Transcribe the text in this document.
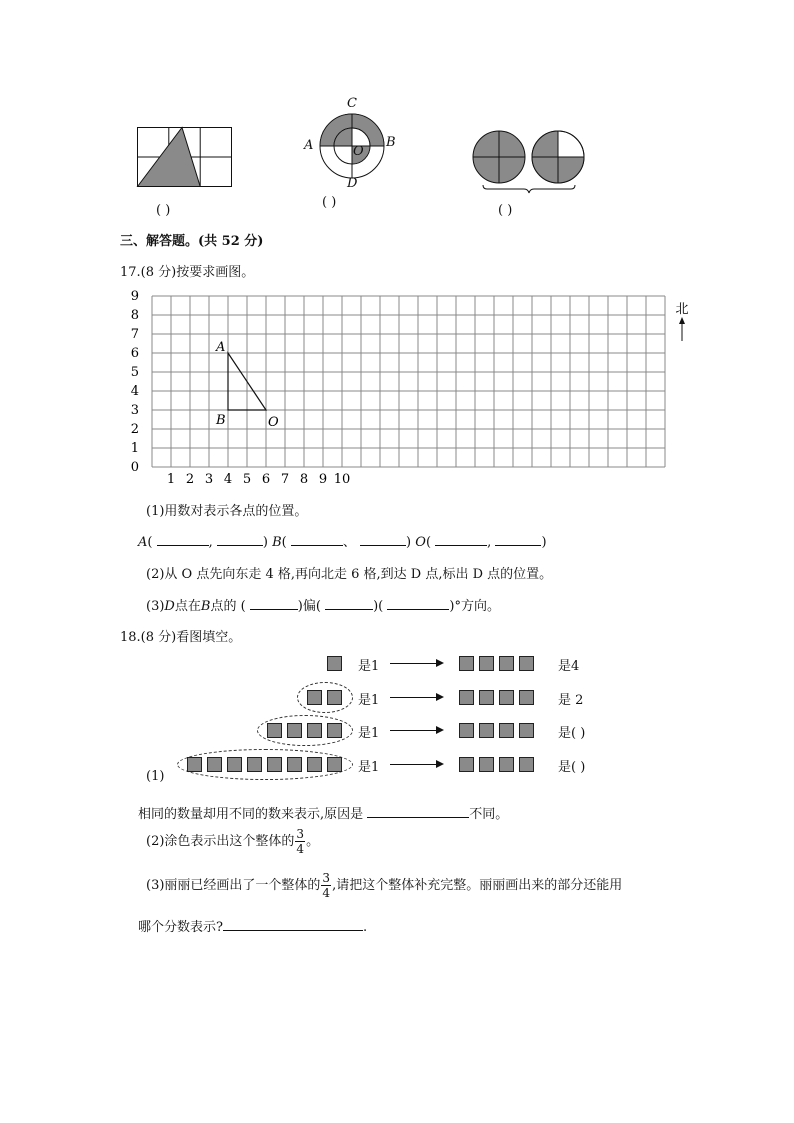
( )
C
A	B
O
D
( )
( )
三、解答题。(共 52 分)
17.(8 分)按要求画图。
0
1
2
3
4
5
6
7
8
9
1 2 3 4 5 6 7 8 9 10
A
B	O
北
(1)用数对表示各点的位置。
A(	,	) B(	、	) O(	,	)
(2)从 O 点先向东走 4 格,再向北走 6 格,到达 D 点,标出 D 点的位置。
(3)D点在B点的 (	)偏(	)(	)°方向。
18.(8 分)看图填空。
是1	是4
是1	是 2
是1	是( )
是1	是( )
(1)
相同的数量却用不同的数来表示,原因是	不同。
(2)涂色表示出这个整体的 $\frac{3}{4}$ 。
(3)丽丽已经画出了一个整体的 $\frac{3}{4}$ ,请把这个整体补充完整。丽丽画出来的部分还能用
哪个分数表示?	.
